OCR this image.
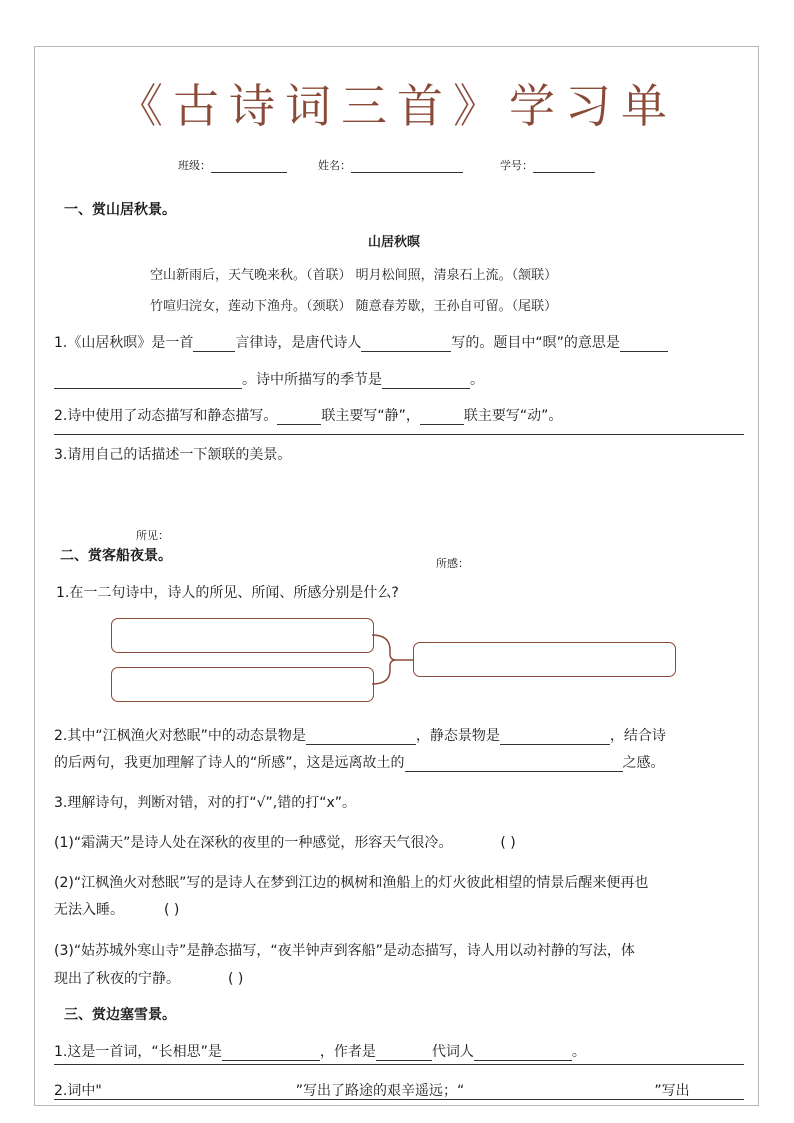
《古诗词三首》学习单
班级：	姓名：	学号：
一、赏山居秋景。
山居秋暝
空山新雨后，天气晚来秋。（首联） 明月松间照，清泉石上流。（颔联）
竹喧归浣女，莲动下渔舟。（颈联） 随意春芳歇，王孙自可留。（尾联）
1.《山居秋暝》是一首	言律诗，是唐代诗人	写的。题目中“暝”的意思是
。诗中所描写的季节是	。
2.诗中使用了动态描写和静态描写。	联主要写“静”，	联主要写“动”。
3.请用自己的话描述一下颔联的美景。
所见：
二、赏客船夜景。	所感：
1.在一二句诗中，诗人的所见、所闻、所感分别是什么?
2.其中“江枫渔火对愁眠”中的动态景物是	，静态景物是	，结合诗
的后两句，我更加理解了诗人的“所感”，这是远离故土的	之感。
3.理解诗句，判断对错，对的打“√”,错的打“x”。
(1)“霜满天”是诗人处在深秋的夜里的一种感觉，形容天气很冷。	( )
(2)“江枫渔火对愁眠”写的是诗人在梦到江边的枫树和渔船上的灯火彼此相望的情景后醒来便再也
无法入睡。	( )
(3)“姑苏城外寒山寺”是静态描写，“夜半钟声到客船”是动态描写，诗人用以动衬静的写法，体
现出了秋夜的宁静。	( )
三、赏边塞雪景。
1.这是一首词，“长相思”是	，作者是	代词人	。
2.词中"	”写出了路途的艰辛遥远；“	”写出
